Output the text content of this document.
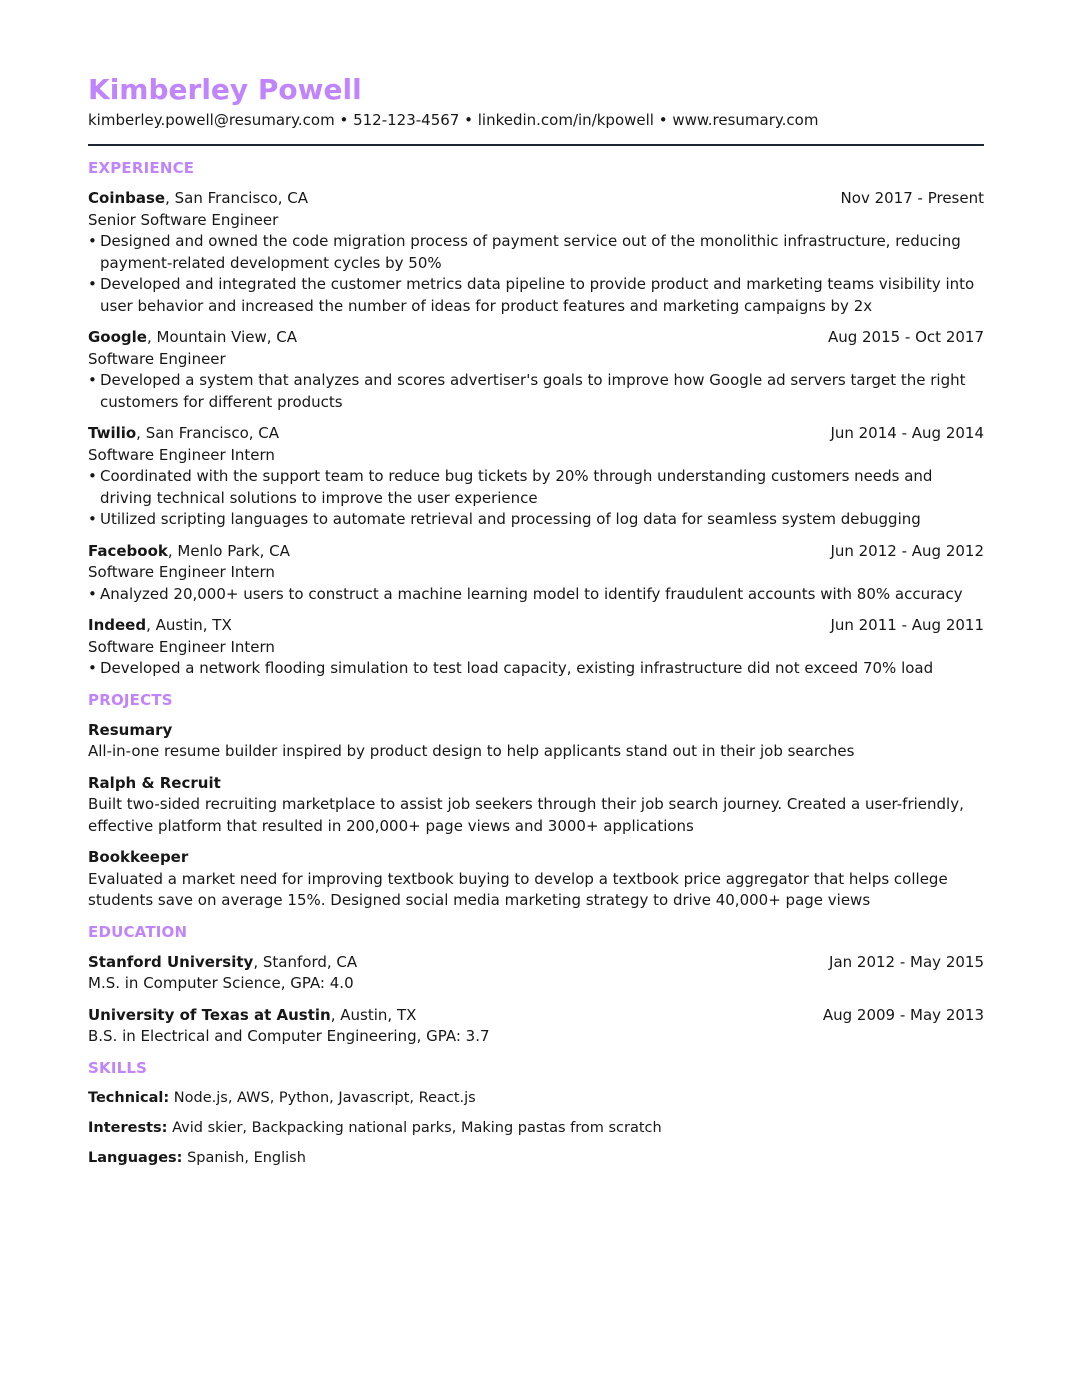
Kimberley Powell
kimberley.powell@resumary.com • 512-123-4567 • linkedin.com/in/kpowell • www.resumary.com
EXPERIENCE
Coinbase, San Francisco, CA	Nov 2017 - Present
Senior Software Engineer
• Designed and owned the code migration process of payment service out of the monolithic infrastructure, reducing payment-related development cycles by 50%
• Developed and integrated the customer metrics data pipeline to provide product and marketing teams visibility into user behavior and increased the number of ideas for product features and marketing campaigns by 2x
Google, Mountain View, CA	Aug 2015 - Oct 2017
Software Engineer
• Developed a system that analyzes and scores advertiser's goals to improve how Google ad servers target the right customers for different products
Twilio, San Francisco, CA	Jun 2014 - Aug 2014
Software Engineer Intern
• Coordinated with the support team to reduce bug tickets by 20% through understanding customers needs and driving technical solutions to improve the user experience
• Utilized scripting languages to automate retrieval and processing of log data for seamless system debugging
Facebook, Menlo Park, CA	Jun 2012 - Aug 2012
Software Engineer Intern
• Analyzed 20,000+ users to construct a machine learning model to identify fraudulent accounts with 80% accuracy
Indeed, Austin, TX	Jun 2011 - Aug 2011
Software Engineer Intern
• Developed a network flooding simulation to test load capacity, existing infrastructure did not exceed 70% load
PROJECTS
Resumary
All-in-one resume builder inspired by product design to help applicants stand out in their job searches
Ralph & Recruit
Built two-sided recruiting marketplace to assist job seekers through their job search journey. Created a user-friendly, effective platform that resulted in 200,000+ page views and 3000+ applications
Bookkeeper
Evaluated a market need for improving textbook buying to develop a textbook price aggregator that helps college students save on average 15%. Designed social media marketing strategy to drive 40,000+ page views
EDUCATION
Stanford University, Stanford, CA	Jan 2012 - May 2015
M.S. in Computer Science, GPA: 4.0
University of Texas at Austin, Austin, TX	Aug 2009 - May 2013
B.S. in Electrical and Computer Engineering, GPA: 3.7
SKILLS
Technical: Node.js, AWS, Python, Javascript, React.js
Interests: Avid skier, Backpacking national parks, Making pastas from scratch
Languages: Spanish, English
